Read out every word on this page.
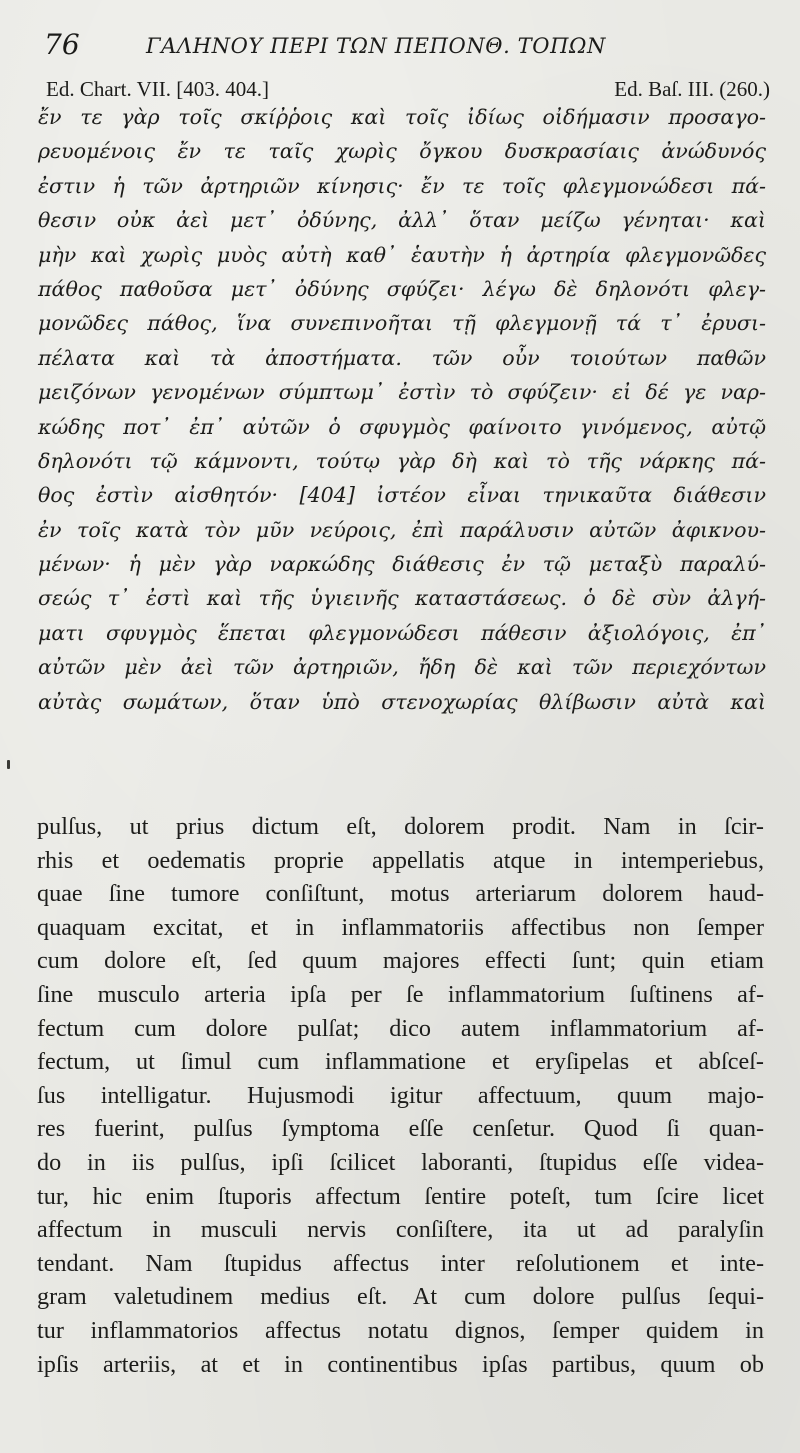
76	ΓΑΛΗΝΟΥ ΠΕΡΙ ΤΩΝ ΠΕΠΟΝΘ. ΤΟΠΩΝ
Ed. Chart. VII. [403. 404.]	Ed. Baſ. III. (260.)
ἔν τε γὰρ τοῖς σκίῤῥοις καὶ τοῖς ἰδίως οἰδήμασιν προσαγο-
ρευομένοις ἔν τε ταῖς χωρὶς ὄγκου δυσκρασίαις ἀνώδυνός
ἐστιν ἡ τῶν ἀρτηριῶν κίνησις· ἔν τε τοῖς φλεγμονώδεσι πά-
θεσιν οὐκ ἀεὶ μετ᾽ ὀδύνης, ἀλλ᾽ ὅταν μείζω γένηται· καὶ
μὴν καὶ χωρὶς μυὸς αὐτὴ καθ᾽ ἑαυτὴν ἡ ἀρτηρία φλεγμονῶδες
πάθος παθοῦσα μετ᾽ ὀδύνης σφύζει· λέγω δὲ δηλονότι φλεγ-
μονῶδες πάθος, ἵνα συνεπινοῆται τῇ φλεγμονῇ τά τ᾽ ἐρυσι-
πέλατα καὶ τὰ ἀποστήματα. τῶν οὖν τοιούτων παθῶν
μειζόνων γενομένων σύμπτωμ᾽ ἐστὶν τὸ σφύζειν· εἰ δέ γε ναρ-
κώδης ποτ᾽ ἐπ᾽ αὐτῶν ὁ σφυγμὸς φαίνοιτο γινόμενος, αὐτῷ
δηλονότι τῷ κάμνοντι, τούτῳ γὰρ δὴ καὶ τὸ τῆς νάρκης πά-
θος ἐστὶν αἰσθητόν· [404] ἰστέον εἶναι τηνικαῦτα διάθεσιν
ἐν τοῖς κατὰ τὸν μῦν νεύροις, ἐπὶ παράλυσιν αὐτῶν ἀφικνου-
μένων· ἡ μὲν γὰρ ναρκώδης διάθεσις ἐν τῷ μεταξὺ παραλύ-
σεώς τ᾽ ἐστὶ καὶ τῆς ὑγιεινῆς καταστάσεως. ὁ δὲ σὺν ἀλγή-
ματι σφυγμὸς ἕπεται φλεγμονώδεσι πάθεσιν ἀξιολόγοις, ἐπ᾽
αὐτῶν μὲν ἀεὶ τῶν ἀρτηριῶν, ἤδη δὲ καὶ τῶν περιεχόντων
αὐτὰς σωμάτων, ὅταν ὑπὸ στενοχωρίας θλίβωσιν αὐτὰ καὶ
pulſus, ut prius dictum eſt, dolorem prodit. Nam in ſcir-
rhis et oedematis proprie appellatis atque in intemperiebus,
quae ſine tumore conſiſtunt, motus arteriarum dolorem haud-
quaquam excitat, et in inflammatoriis affectibus non ſemper
cum dolore eſt, ſed quum majores effecti ſunt; quin etiam
ſine musculo arteria ipſa per ſe inflammatorium ſuſtinens af-
fectum cum dolore pulſat; dico autem inflammatorium af-
fectum, ut ſimul cum inflammatione et eryſipelas et abſceſ-
ſus intelligatur. Hujusmodi igitur affectuum, quum majo-
res fuerint, pulſus ſymptoma eſſe cenſetur. Quod ſi quan-
do in iis pulſus, ipſi ſcilicet laboranti, ſtupidus eſſe videa-
tur, hic enim ſtuporis affectum ſentire poteſt, tum ſcire licet
affectum in musculi nervis conſiſtere, ita ut ad paralyſin
tendant. Nam ſtupidus affectus inter reſolutionem et inte-
gram valetudinem medius eſt. At cum dolore pulſus ſequi-
tur inflammatorios affectus notatu dignos, ſemper quidem in
ipſis arteriis, at et in continentibus ipſas partibus, quum ob
